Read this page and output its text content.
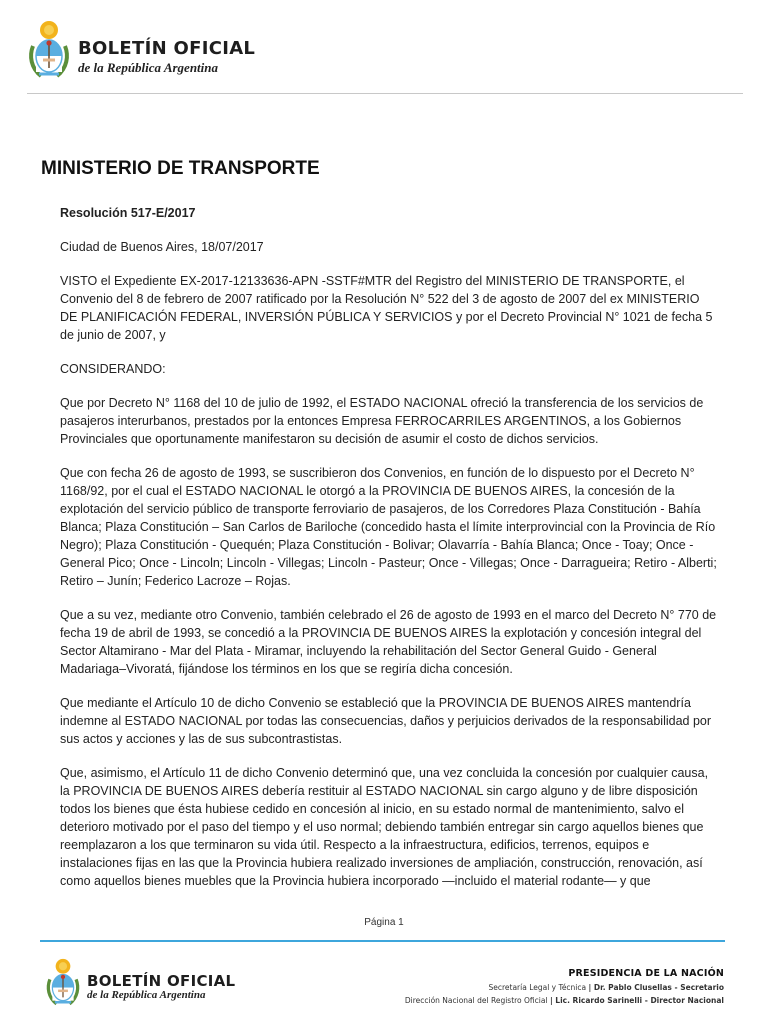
BOLETÍN OFICIAL
de la República Argentina
MINISTERIO DE TRANSPORTE

Resolución 517-E/2017

Ciudad de Buenos Aires, 18/07/2017

VISTO el Expediente EX-2017-12133636-APN -SSTF#MTR del Registro del MINISTERIO DE TRANSPORTE, el Convenio del 8 de febrero de 2007 ratificado por la Resolución N° 522 del 3 de agosto de 2007 del ex MINISTERIO DE PLANIFICACIÓN FEDERAL, INVERSIÓN PÚBLICA Y SERVICIOS y por el Decreto Provincial N° 1021 de fecha 5 de junio de 2007, y

CONSIDERANDO:

Que por Decreto N° 1168 del 10 de julio de 1992, el ESTADO NACIONAL ofreció la transferencia de los servicios de pasajeros interurbanos, prestados por la entonces Empresa FERROCARRILES ARGENTINOS, a los Gobiernos Provinciales que oportunamente manifestaron su decisión de asumir el costo de dichos servicios.

Que con fecha 26 de agosto de 1993, se suscribieron dos Convenios, en función de lo dispuesto por el Decreto N° 1168/92, por el cual el ESTADO NACIONAL le otorgó a la PROVINCIA DE BUENOS AIRES, la concesión de la explotación del servicio público de transporte ferroviario de pasajeros, de los Corredores Plaza Constitución - Bahía Blanca; Plaza Constitución – San Carlos de Bariloche (concedido hasta el límite interprovincial con la Provincia de Río Negro); Plaza Constitución - Quequén; Plaza Constitución - Bolivar; Olavarría - Bahía Blanca; Once - Toay; Once - General Pico; Once - Lincoln; Lincoln - Villegas; Lincoln - Pasteur; Once - Villegas; Once - Darragueira; Retiro - Alberti; Retiro – Junín; Federico Lacroze – Rojas.

Que a su vez, mediante otro Convenio, también celebrado el 26 de agosto de 1993 en el marco del Decreto N° 770 de fecha 19 de abril de 1993, se concedió a la PROVINCIA DE BUENOS AIRES la explotación y concesión integral del Sector Altamirano - Mar del Plata - Miramar, incluyendo la rehabilitación del Sector General Guido - General Madariaga–Vivoratá, fijándose los términos en los que se regiría dicha concesión.

Que mediante el Artículo 10 de dicho Convenio se estableció que la PROVINCIA DE BUENOS AIRES mantendría indemne al ESTADO NACIONAL por todas las consecuencias, daños y perjuicios derivados de la responsabilidad por sus actos y acciones y las de sus subcontrastistas.

Que, asimismo, el Artículo 11 de dicho Convenio determinó que, una vez concluida la concesión por cualquier causa, la PROVINCIA DE BUENOS AIRES debería restituir al ESTADO NACIONAL sin cargo alguno y de libre disposición todos los bienes que ésta hubiese cedido en concesión al inicio, en su estado normal de mantenimiento, salvo el deterioro motivado por el paso del tiempo y el uso normal; debiendo también entregar sin cargo aquellos bienes que reemplazaron a los que terminaron su vida útil. Respecto a la infraestructura, edificios, terrenos, equipos e instalaciones fijas en las que la Provincia hubiera realizado inversiones de ampliación, construcción, renovación, así como aquellos bienes muebles que la Provincia hubiera incorporado —incluido el material rodante— y que

Página 1
BOLETÍN OFICIAL
de la República Argentina
PRESIDENCIA DE LA NACIÓN
Secretaría Legal y Técnica | Dr. Pablo Clusellas - Secretario
Dirección Nacional del Registro Oficial | Lic. Ricardo Sarinelli - Director Nacional
